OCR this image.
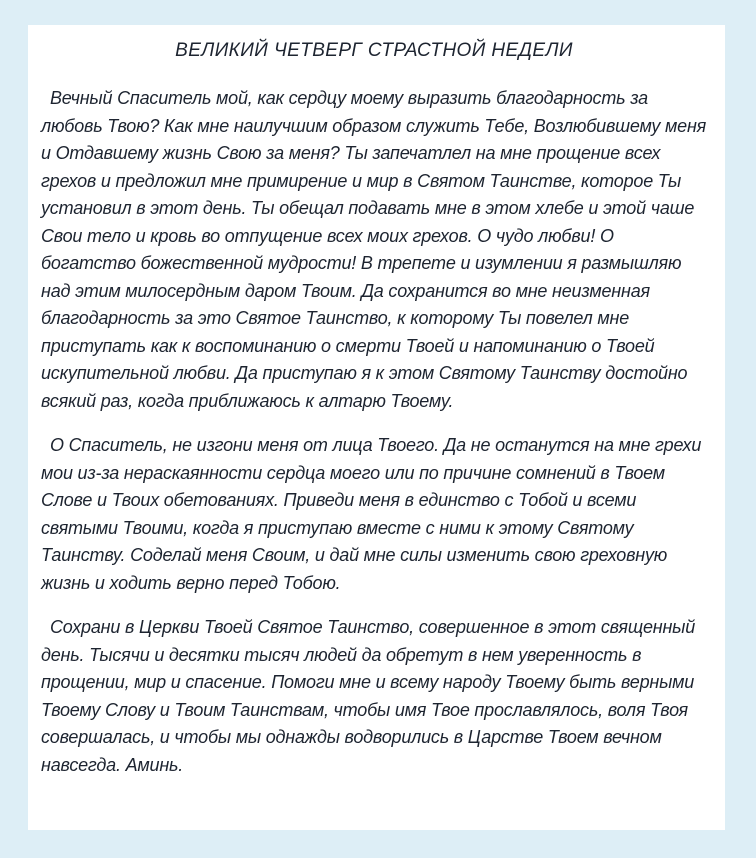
ВЕЛИКИЙ ЧЕТВЕРГ СТРАСТНОЙ НЕДЕЛИ

Вечный Спаситель мой, как сердцу моему выразить благодарность за любовь Твою? Как мне наилучшим образом служить Тебе, Возлюбившему меня и Отдавшему жизнь Свою за меня? Ты запечатлел на мне прощение всех грехов и предложил мне примирение и мир в Святом Таинстве, которое Ты установил в этот день. Ты обещал подавать мне в этом хлебе и этой чаше Свои тело и кровь во отпущение всех моих грехов. О чудо любви! О богатство божественной мудрости! В трепете и изумлении я размышляю над этим милосердным даром Твоим. Да сохранится во мне неизменная благодарность за это Святое Таинство, к которому Ты повелел мне приступать как к воспоминанию о смерти Твоей и напоминанию о Твоей искупительной любви. Да приступаю я к этом Святому Таинству достойно всякий раз, когда приближаюсь к алтарю Твоему.

О Спаситель, не изгони меня от лица Твоего. Да не останутся на мне грехи мои из-за нераскаянности сердца моего или по причине сомнений в Твоем Слове и Твоих обетованиях. Приведи меня в единство с Тобой и всеми святыми Твоими, когда я приступаю вместе с ними к этому Святому Таинству. Соделай меня Своим, и дай мне силы изменить свою греховную жизнь и ходить верно перед Тобою.

Сохрани в Церкви Твоей Святое Таинство, совершенное в этот священный день. Тысячи и десятки тысяч людей да обретут в нем уверенность в прощении, мир и спасение. Помоги мне и всему народу Твоему быть верными Твоему Слову и Твоим Таинствам, чтобы имя Твое прославлялось, воля Твоя совершалась, и чтобы мы однажды водворились в Царстве Твоем вечном навсегда. Аминь.
